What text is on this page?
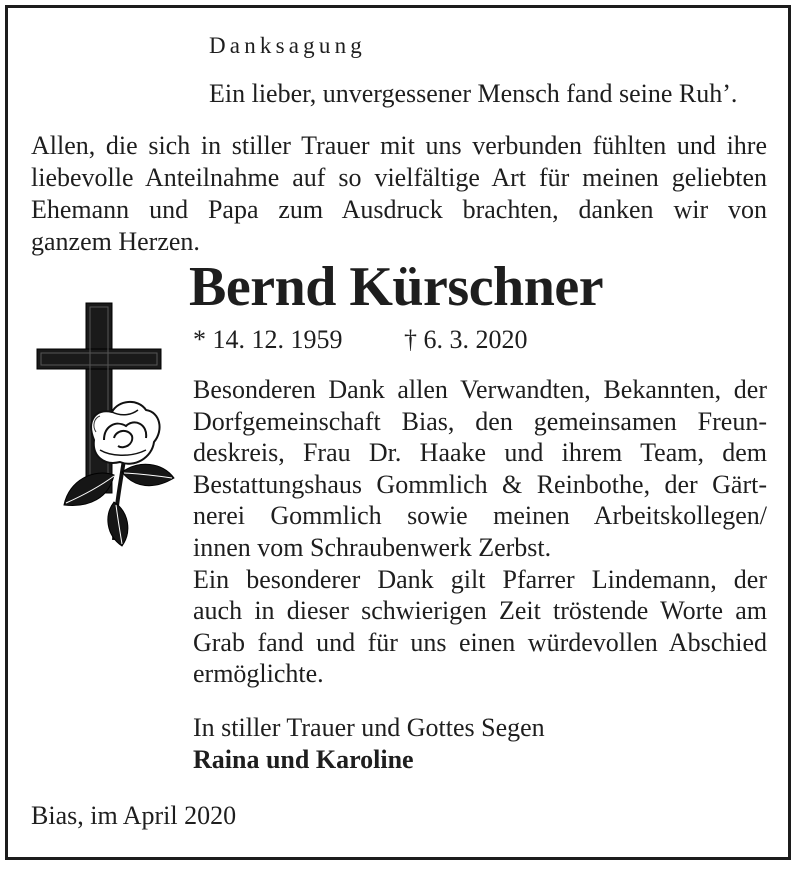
Danksagung

Ein lieber, unvergessener Mensch fand seine Ruh’.

Allen, die sich in stiller Trauer mit uns verbunden fühlten und ihre
liebevolle Anteilnahme auf so vielfältige Art für meinen geliebten
Ehemann und Papa zum Ausdruck brachten, danken wir von
ganzem Herzen.

Bernd Kürschner

* 14. 12. 1959 † 6. 3. 2020

Besonderen Dank allen Verwandten, Bekannten, der
Dorfgemeinschaft Bias, den gemeinsamen Freun-
deskreis, Frau Dr. Haake und ihrem Team, dem
Bestattungshaus Gommlich & Reinbothe, der Gärt-
nerei Gommlich sowie meinen Arbeitskollegen/
innen vom Schraubenwerk Zerbst.
Ein besonderer Dank gilt Pfarrer Lindemann, der
auch in dieser schwierigen Zeit tröstende Worte am
Grab fand und für uns einen würdevollen Abschied
ermöglichte.

In stiller Trauer und Gottes Segen

Raina und Karoline

Bias, im April 2020
